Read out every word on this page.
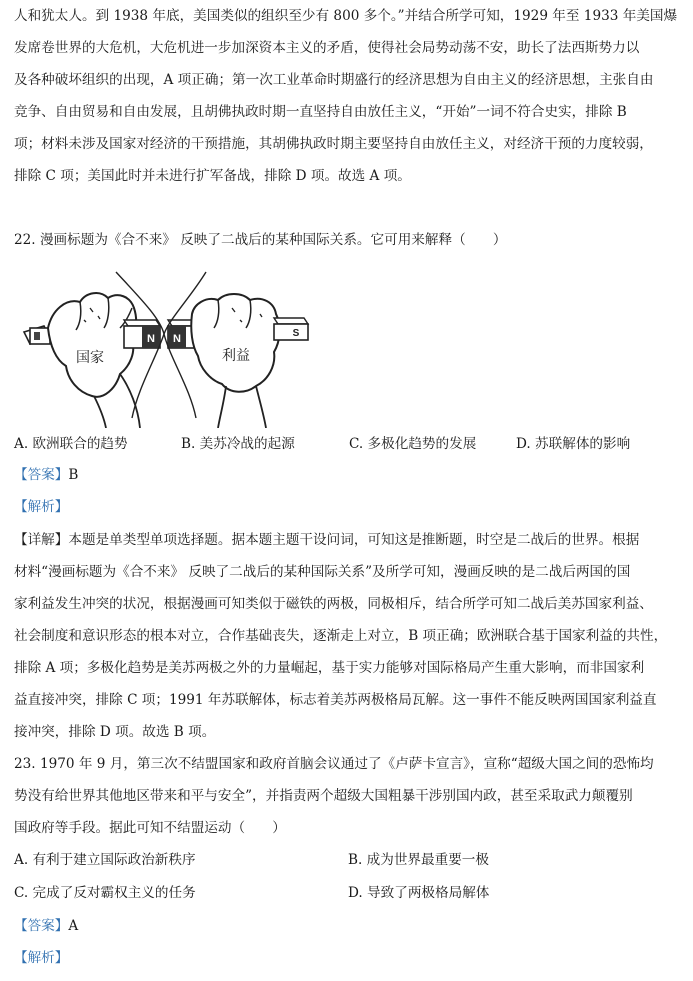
人和犹太人。到 1938 年底，美国类似的组织至少有 800 多个。”并结合所学可知，1929 年至 1933 年美国爆
发席卷世界的大危机，大危机进一步加深资本主义的矛盾，使得社会局势动荡不安，助长了法西斯势力以
及各种破坏组织的出现，A 项正确；第一次工业革命时期盛行的经济思想为自由主义的经济思想，主张自由
竞争、自由贸易和自由发展，且胡佛执政时期一直坚持自由放任主义，“开始”一词不符合史实，排除 B
项；材料未涉及国家对经济的干预措施，其胡佛执政时期主要坚持自由放任主义，对经济干预的力度较弱，
排除 C 项；美国此时并未进行扩军备战，排除 D 项。故选 A 项。
22. 漫画标题为《合不来》 反映了二战后的某种国际关系。它可用来解释（　　）
N N	S
国家	利益
A. 欧洲联合的趋势	B. 美苏冷战的起源	C. 多极化趋势的发展	D. 苏联解体的影响
【答案】B
【解析】
【详解】本题是单类型单项选择题。据本题主题干设问词，可知这是推断题，时空是二战后的世界。根据
材料“漫画标题为《合不来》 反映了二战后的某种国际关系”及所学可知，漫画反映的是二战后两国的国
家利益发生冲突的状况，根据漫画可知类似于磁铁的两极，同极相斥，结合所学可知二战后美苏国家利益、
社会制度和意识形态的根本对立，合作基础丧失，逐渐走上对立，B 项正确；欧洲联合基于国家利益的共性，
排除 A 项；多极化趋势是美苏两极之外的力量崛起，基于实力能够对国际格局产生重大影响，而非国家利
益直接冲突，排除 C 项；1991 年苏联解体，标志着美苏两极格局瓦解。这一事件不能反映两国国家利益直
接冲突，排除 D 项。故选 B 项。
23. 1970 年 9 月，第三次不结盟国家和政府首脑会议通过了《卢萨卡宣言》，宣称“超级大国之间的恐怖均
势没有给世界其他地区带来和平与安全”，并指责两个超级大国粗暴干涉别国内政，甚至采取武力颠覆别
国政府等手段。据此可知不结盟运动（　　）
A. 有利于建立国际政治新秩序	B. 成为世界最重要一极
C. 完成了反对霸权主义的任务	D. 导致了两极格局解体
【答案】A
【解析】
